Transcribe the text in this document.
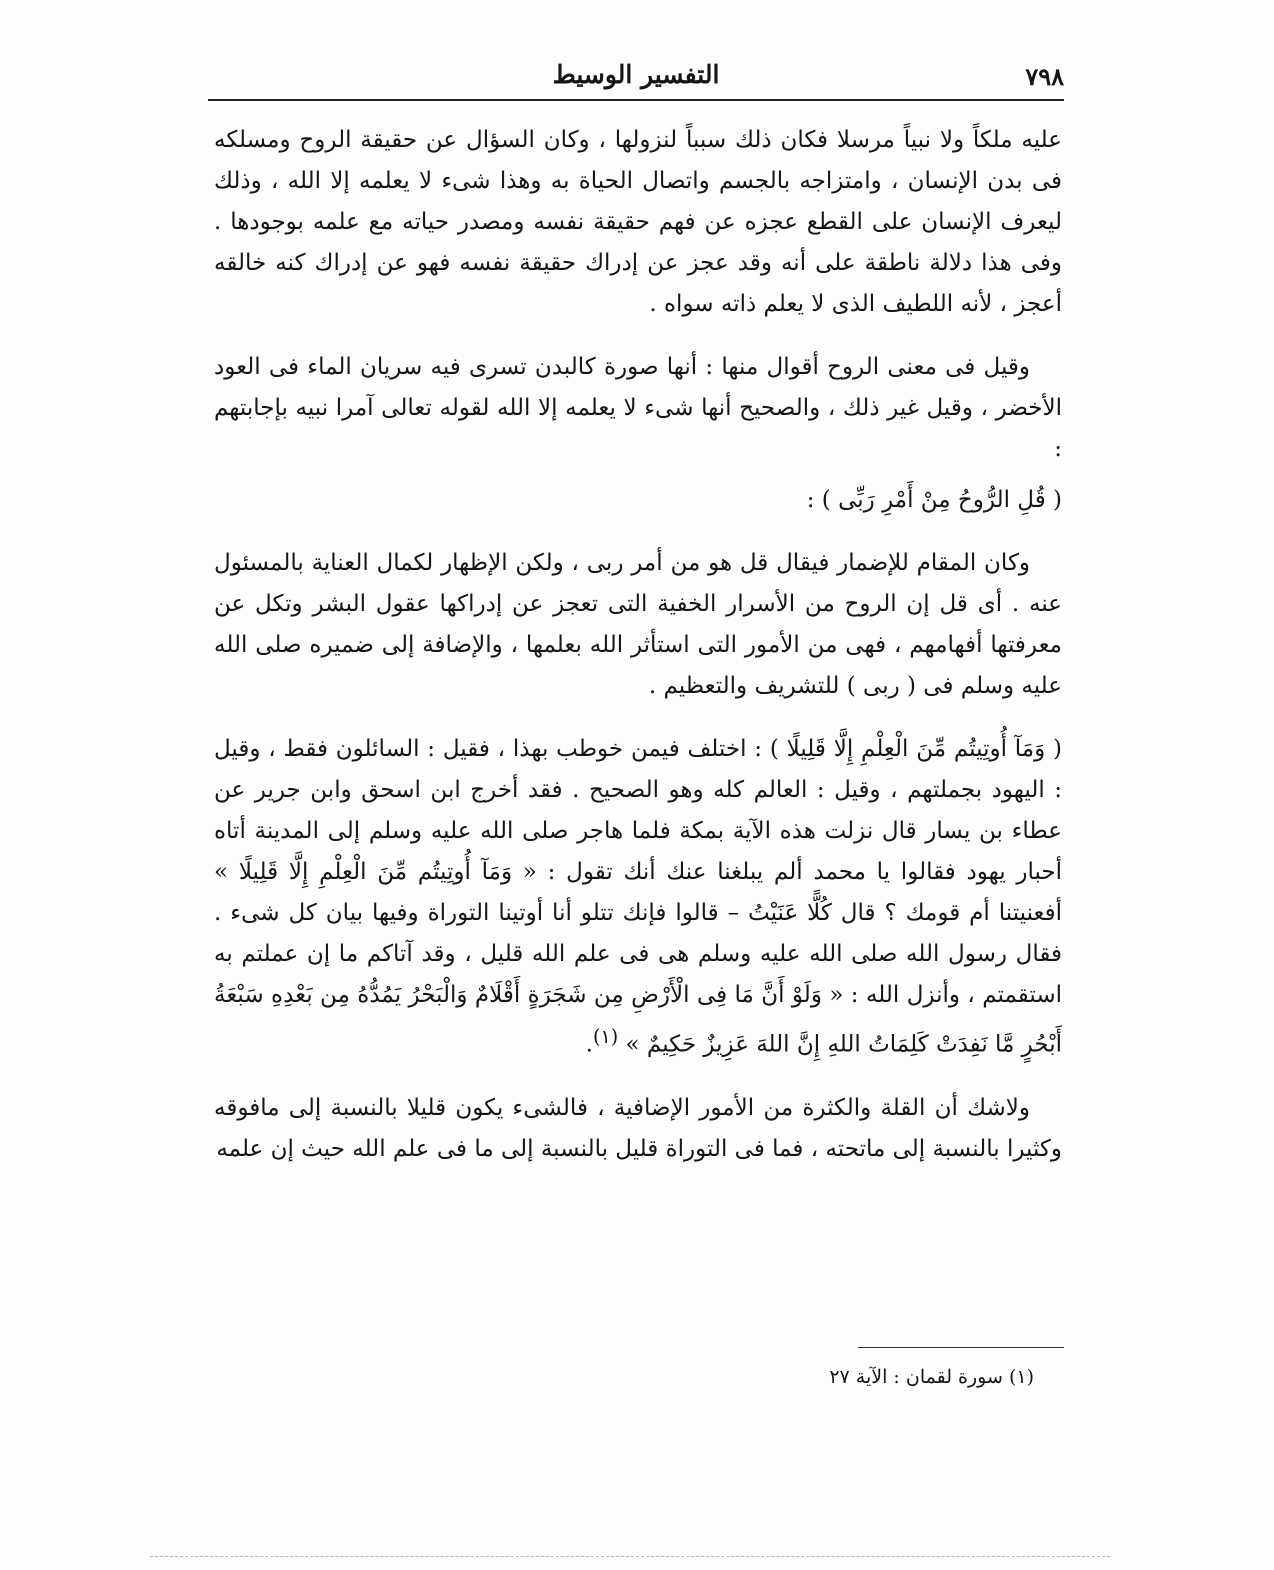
٧٩٨
التفسير الوسيط

عليه ملكاً ولا نبياً مرسلا فكان ذلك سبباً لنزولها ، وكان السؤال عن حقيقة الروح ومسلكه فى بدن الإنسان ، وامتزاجه بالجسم واتصال الحياة به وهذا شىء لا يعلمه إلا الله ، وذلك ليعرف الإنسان على القطع عجزه عن فهم حقيقة نفسه ومصدر حياته مع علمه بوجودها . وفى هذا دلالة ناطقة على أنه وقد عجز عن إدراك حقيقة نفسه فهو عن إدراك كنه خالقه أعجز ، لأنه اللطيف الذى لا يعلم ذاته سواه .

وقيل فى معنى الروح أقوال منها : أنها صورة كالبدن تسرى فيه سريان الماء فى العود الأخضر ، وقيل غير ذلك ، والصحيح أنها شىء لا يعلمه إلا الله لقوله تعالى آمرا نبيه بإجابتهم :

( قُلِ الرُّوحُ مِنْ أَمْرِ رَبِّى ) :

وكان المقام للإضمار فيقال قل هو من أمر ربى ، ولكن الإظهار لكمال العناية بالمسئول عنه . أى قل إن الروح من الأسرار الخفية التى تعجز عن إدراكها عقول البشر وتكل عن معرفتها أفهامهم ، فهى من الأمور التى استأثر الله بعلمها ، والإضافة إلى ضميره صلى الله عليه وسلم فى ( ربى ) للتشريف والتعظيم .

( وَمَآ أُوتِيتُم مِّنَ الْعِلْمِ إِلَّا قَلِيلًا ) : اختلف فيمن خوطب بهذا ، فقيل : السائلون فقط ، وقيل : اليهود بجملتهم ، وقيل : العالم كله وهو الصحيح . فقد أخرج ابن اسحق وابن جرير عن عطاء بن يسار قال نزلت هذه الآية بمكة فلما هاجر صلى الله عليه وسلم إلى المدينة أتاه أحبار يهود فقالوا يا محمد ألم يبلغنا عنك أنك تقول : « وَمَآ أُوتِيتُم مِّنَ الْعِلْمِ إِلَّا قَلِيلًا » أفعنيتنا أم قومك ؟ قال كُلًّا عَنَيْتُ – قالوا فإنك تتلو أنا أوتينا التوراة وفيها بيان كل شىء . فقال رسول الله صلى الله عليه وسلم هى فى علم الله قليل ، وقد آتاكم ما إن عملتم به استقمتم ، وأنزل الله : « وَلَوْ أَنَّ مَا فِى الْأَرْضِ مِن شَجَرَةٍ أَقْلَامٌ وَالْبَحْرُ يَمُدُّهُ مِن بَعْدِهِ سَبْعَةُ أَبْحُرٍ مَّا نَفِدَتْ كَلِمَاتُ اللهِ إِنَّ اللهَ عَزِيزٌ حَكِيمٌ » $^{(١)}$.

ولاشك أن القلة والكثرة من الأمور الإضافية ، فالشىء يكون قليلا بالنسبة إلى مافوقه وكثيرا بالنسبة إلى ماتحته ، فما فى التوراة قليل بالنسبة إلى ما فى علم الله حيث إن علمه

(١) سورة لقمان : الآية ٢٧
